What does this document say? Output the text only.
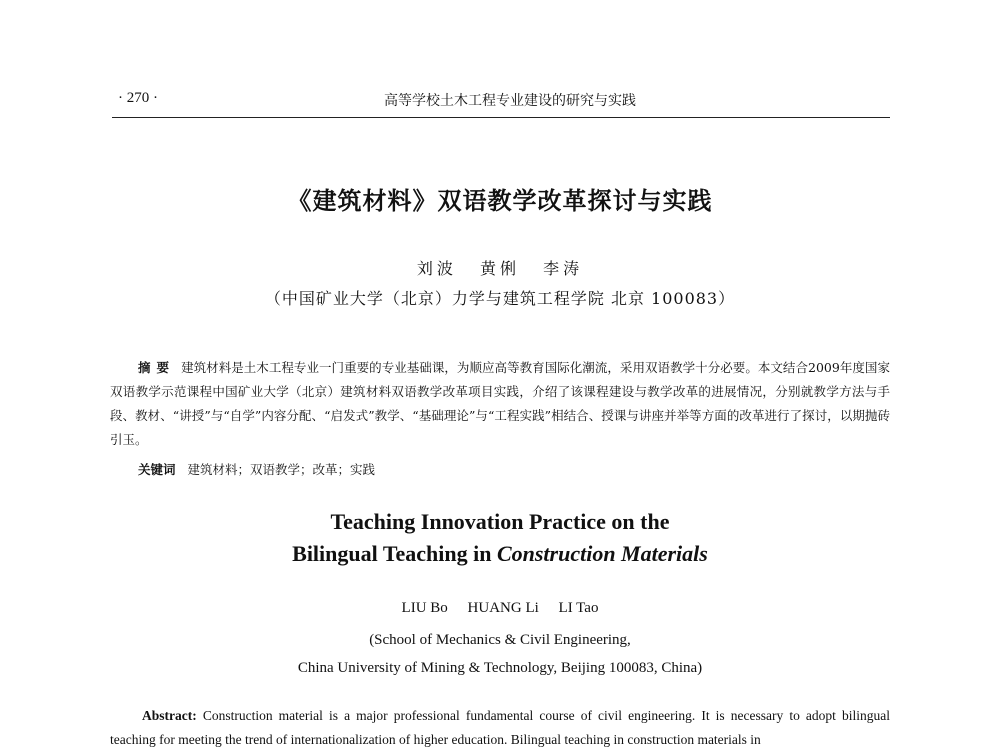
· 270 ·	高等学校土木工程专业建设的研究与实践
《建筑材料》双语教学改革探讨与实践
刘波 黄俐 李涛
（中国矿业大学（北京）力学与建筑工程学院 北京 100083）
摘要 建筑材料是土木工程专业一门重要的专业基础课，为顺应高等教育国际化潮流，采用双语教学十分必要。本文结合2009年度国家双语教学示范课程中国矿业大学（北京）建筑材料双语教学改革项目实践，介绍了该课程建设与教学改革的进展情况，分别就教学方法与手段、教材、“讲授”与“自学”内容分配、“启发式”教学、“基础理论”与“工程实践”相结合、授课与讲座并举等方面的改革进行了探讨，以期抛砖引玉。
关键词 建筑材料；双语教学；改革；实践
Teaching Innovation Practice on the
Bilingual Teaching in Construction Materials
LIU Bo HUANG Li LI Tao
(School of Mechanics & Civil Engineering,
China University of Mining & Technology, Beijing 100083, China)
Abstract: Construction material is a major professional fundamental course of civil engineering. It is necessary to adopt bilingual teaching for meeting the trend of internationalization of higher education. Bilingual teaching in construction materials in
